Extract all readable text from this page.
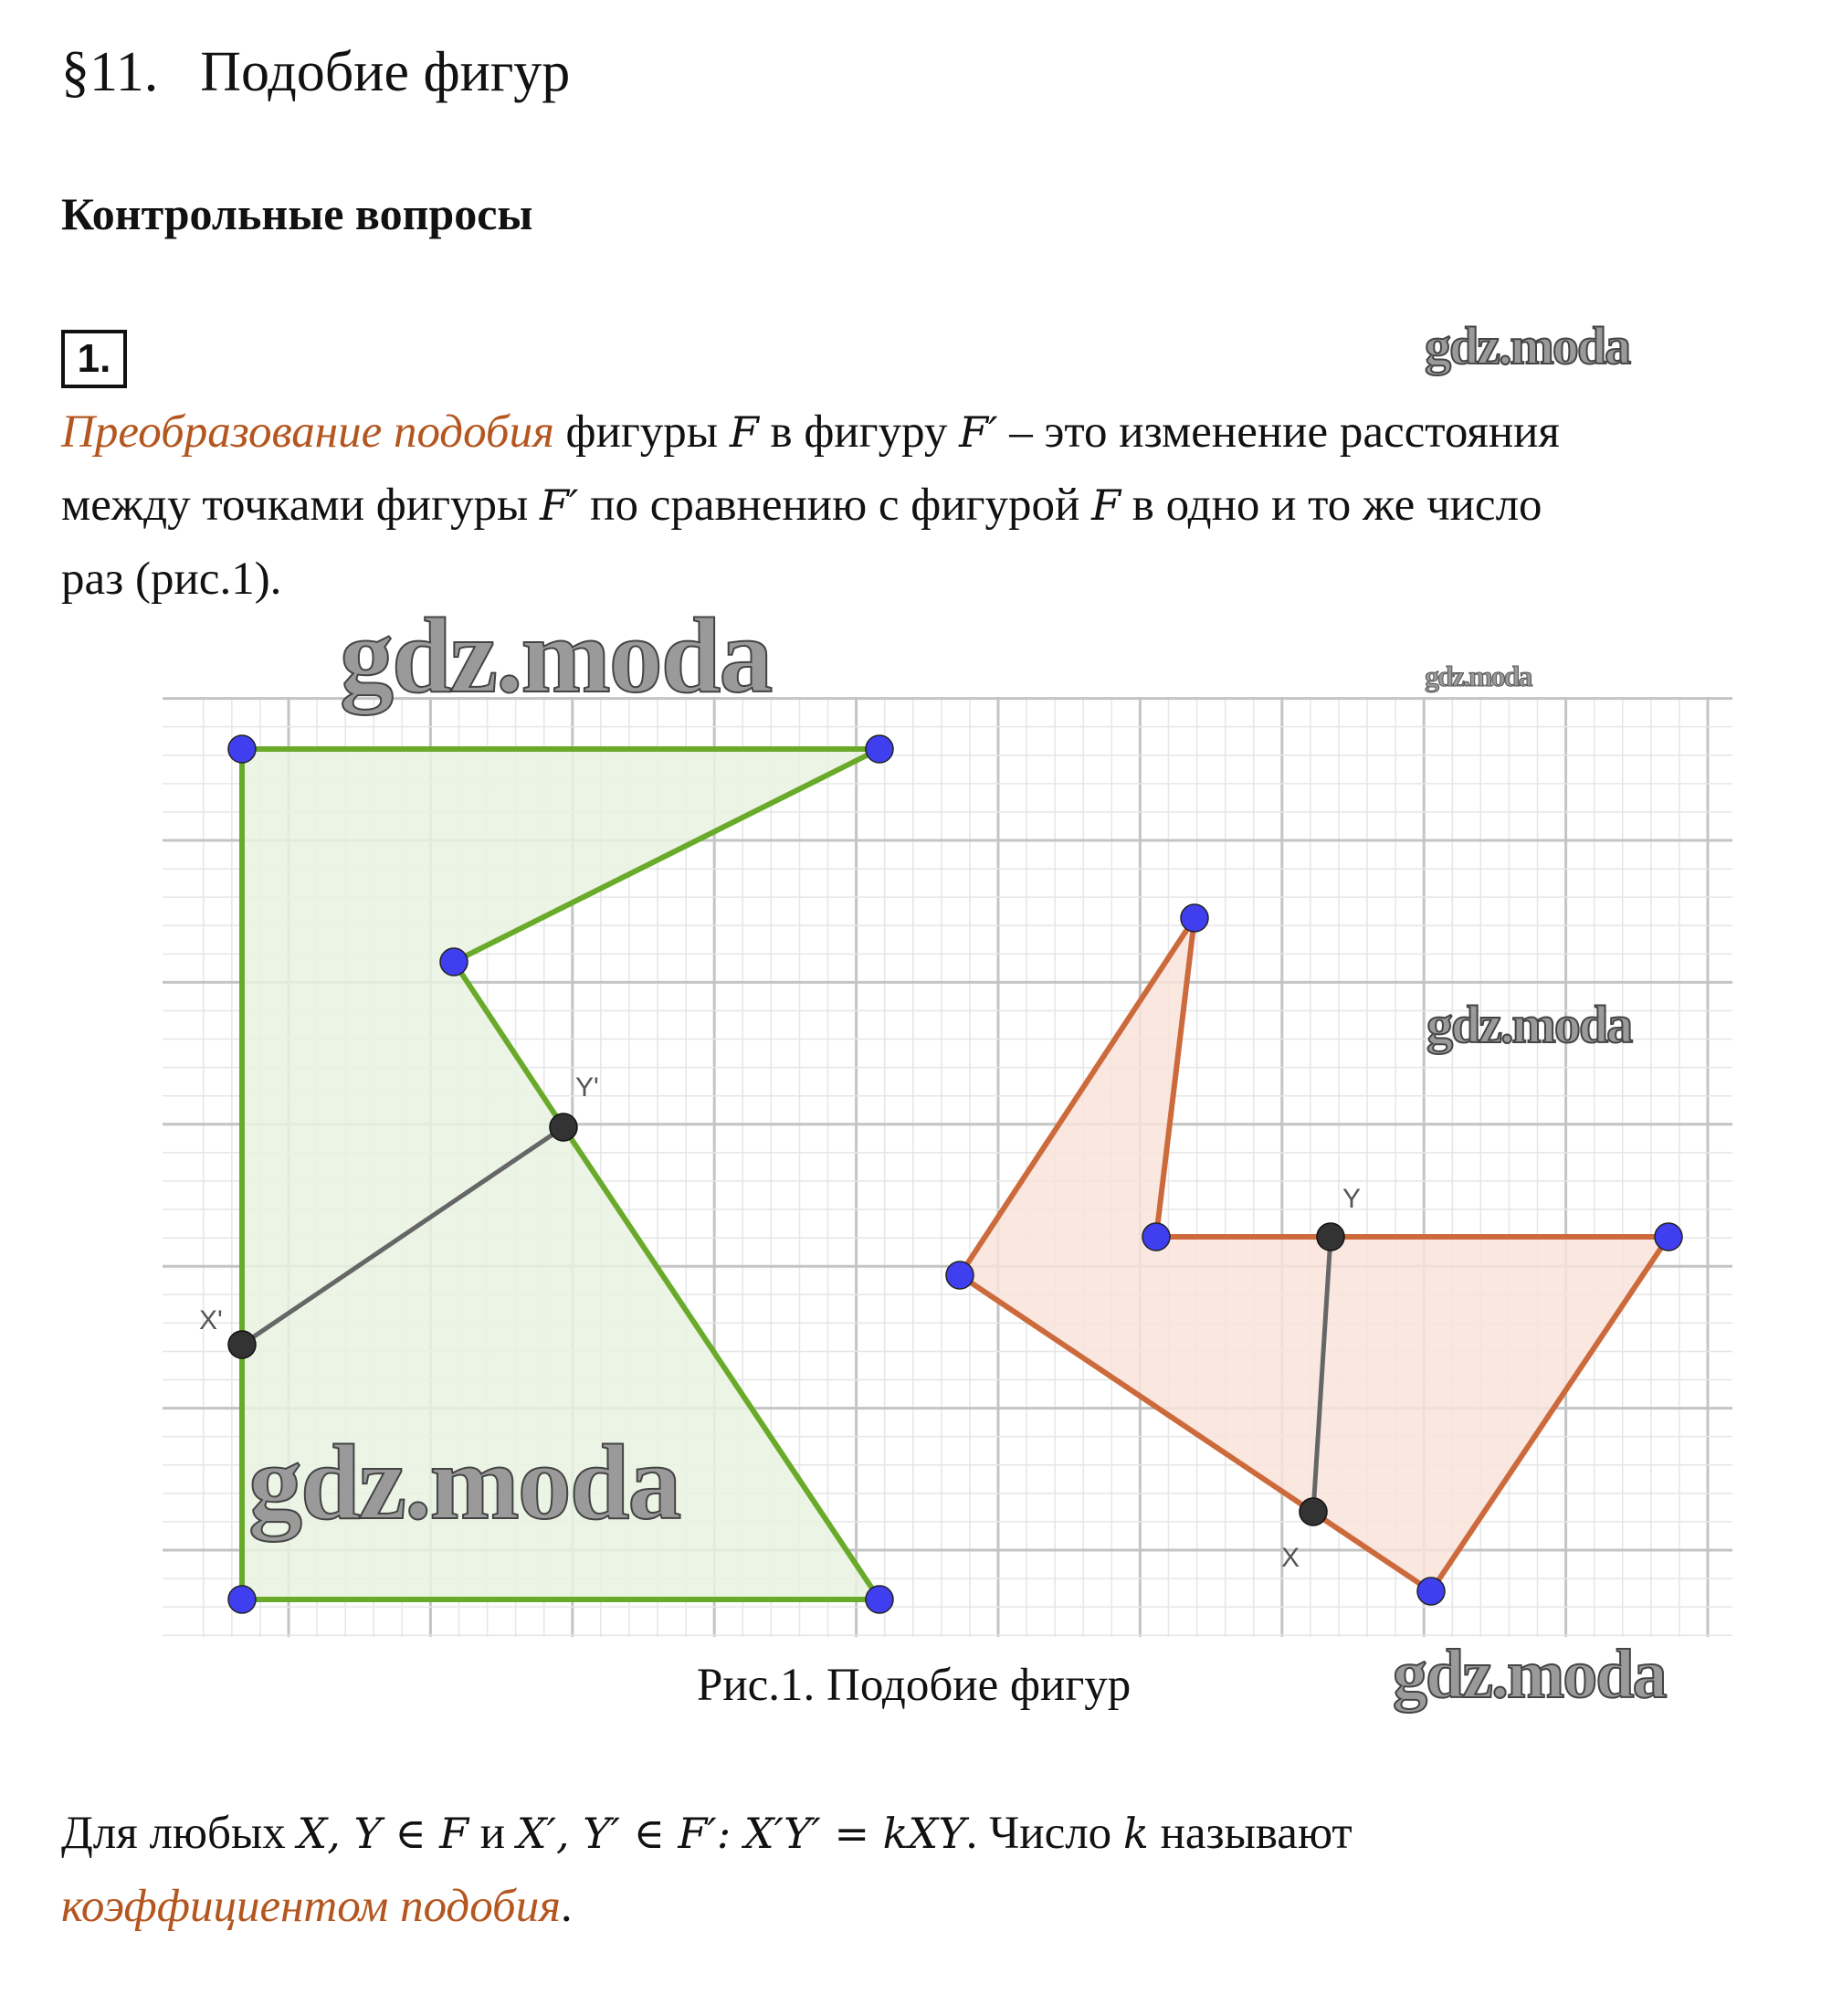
§11. Подобие фигур
Контрольные вопросы
1.
Преобразование подобия фигуры F в фигуру F′ – это изменение расстояния
между точками фигуры F′ по сравнению с фигурой F в одно и то же число
раз (рис.1).
X'
Y'
X
Y
Рис.1. Подобие фигур
Для любых X, Y ∈ F и X′, Y′ ∈ F′: X′Y′ = kXY. Число k называют
коэффициентом подобия.
gdz.moda
gdz.moda	gdz.moda
gdz.moda
gdz.moda
gdz.moda
